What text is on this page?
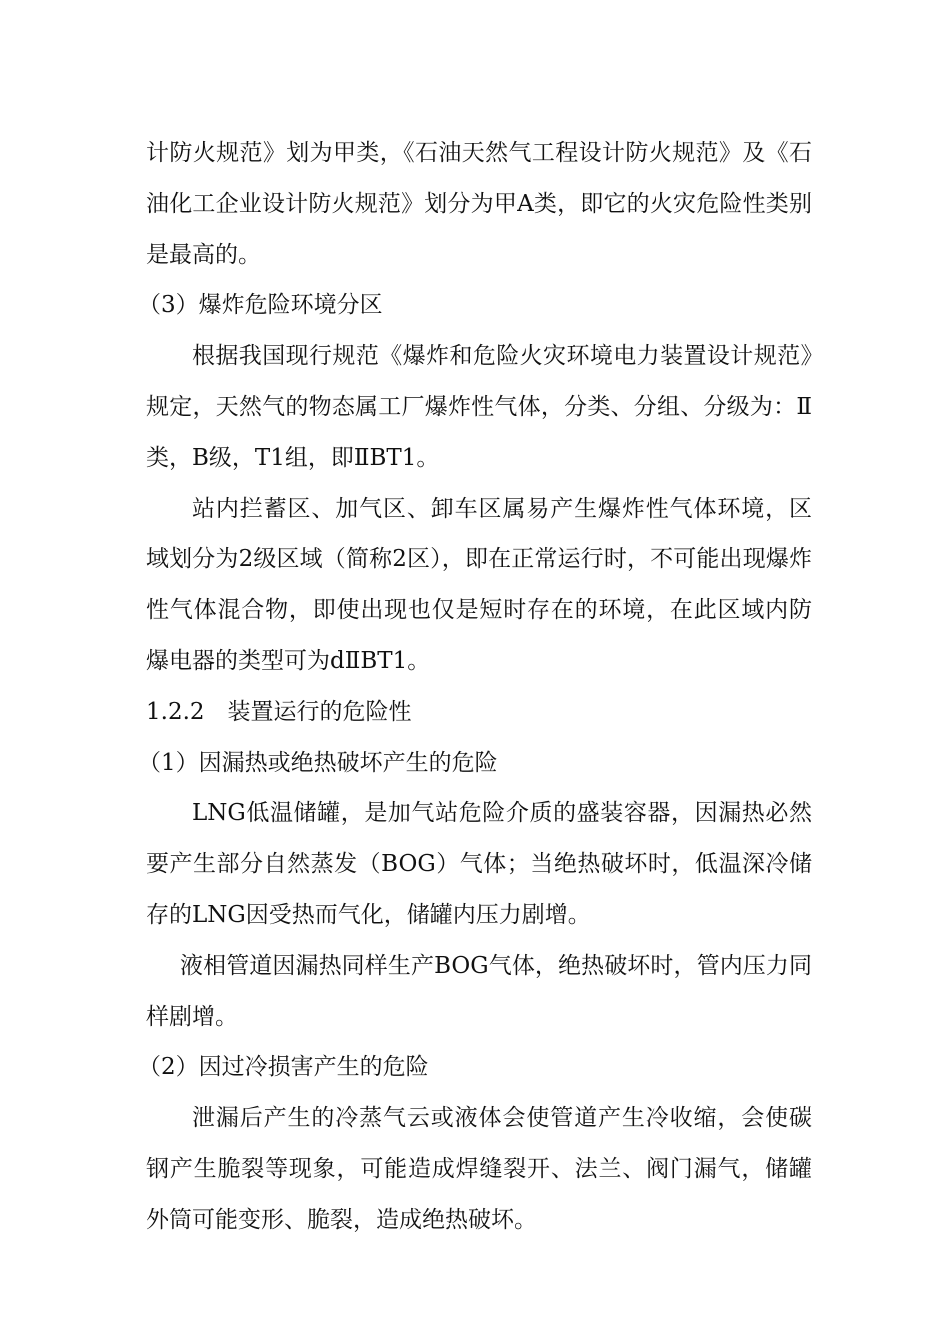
计防火规范》划为甲类，《石油天然气工程设计防火规范》及《石油化工企业设计防火规范》划分为甲A类，即它的火灾危险性类别是最高的。

（3）爆炸危险环境分区

根据我国现行规范《爆炸和危险火灾环境电力装置设计规范》规定，天然气的物态属工厂爆炸性气体，分类、分组、分级为：Ⅱ类，B级，T1组，即ⅡBT1。

站内拦蓄区、加气区、卸车区属易产生爆炸性气体环境，区域划分为2级区域（简称2区），即在正常运行时，不可能出现爆炸性气体混合物，即使出现也仅是短时存在的环境，在此区域内防爆电器的类型可为dⅡBT1。

1.2.2　装置运行的危险性

（1）因漏热或绝热破坏产生的危险

LNG低温储罐，是加气站危险介质的盛装容器，因漏热必然要产生部分自然蒸发（BOG）气体；当绝热破坏时，低温深冷储存的LNG因受热而气化，储罐内压力剧增。

液相管道因漏热同样生产BOG气体，绝热破坏时，管内压力同样剧增。

（2）因过冷损害产生的危险

泄漏后产生的冷蒸气云或液体会使管道产生冷收缩，会使碳钢产生脆裂等现象，可能造成焊缝裂开、法兰、阀门漏气，储罐外筒可能变形、脆裂，造成绝热破坏。
